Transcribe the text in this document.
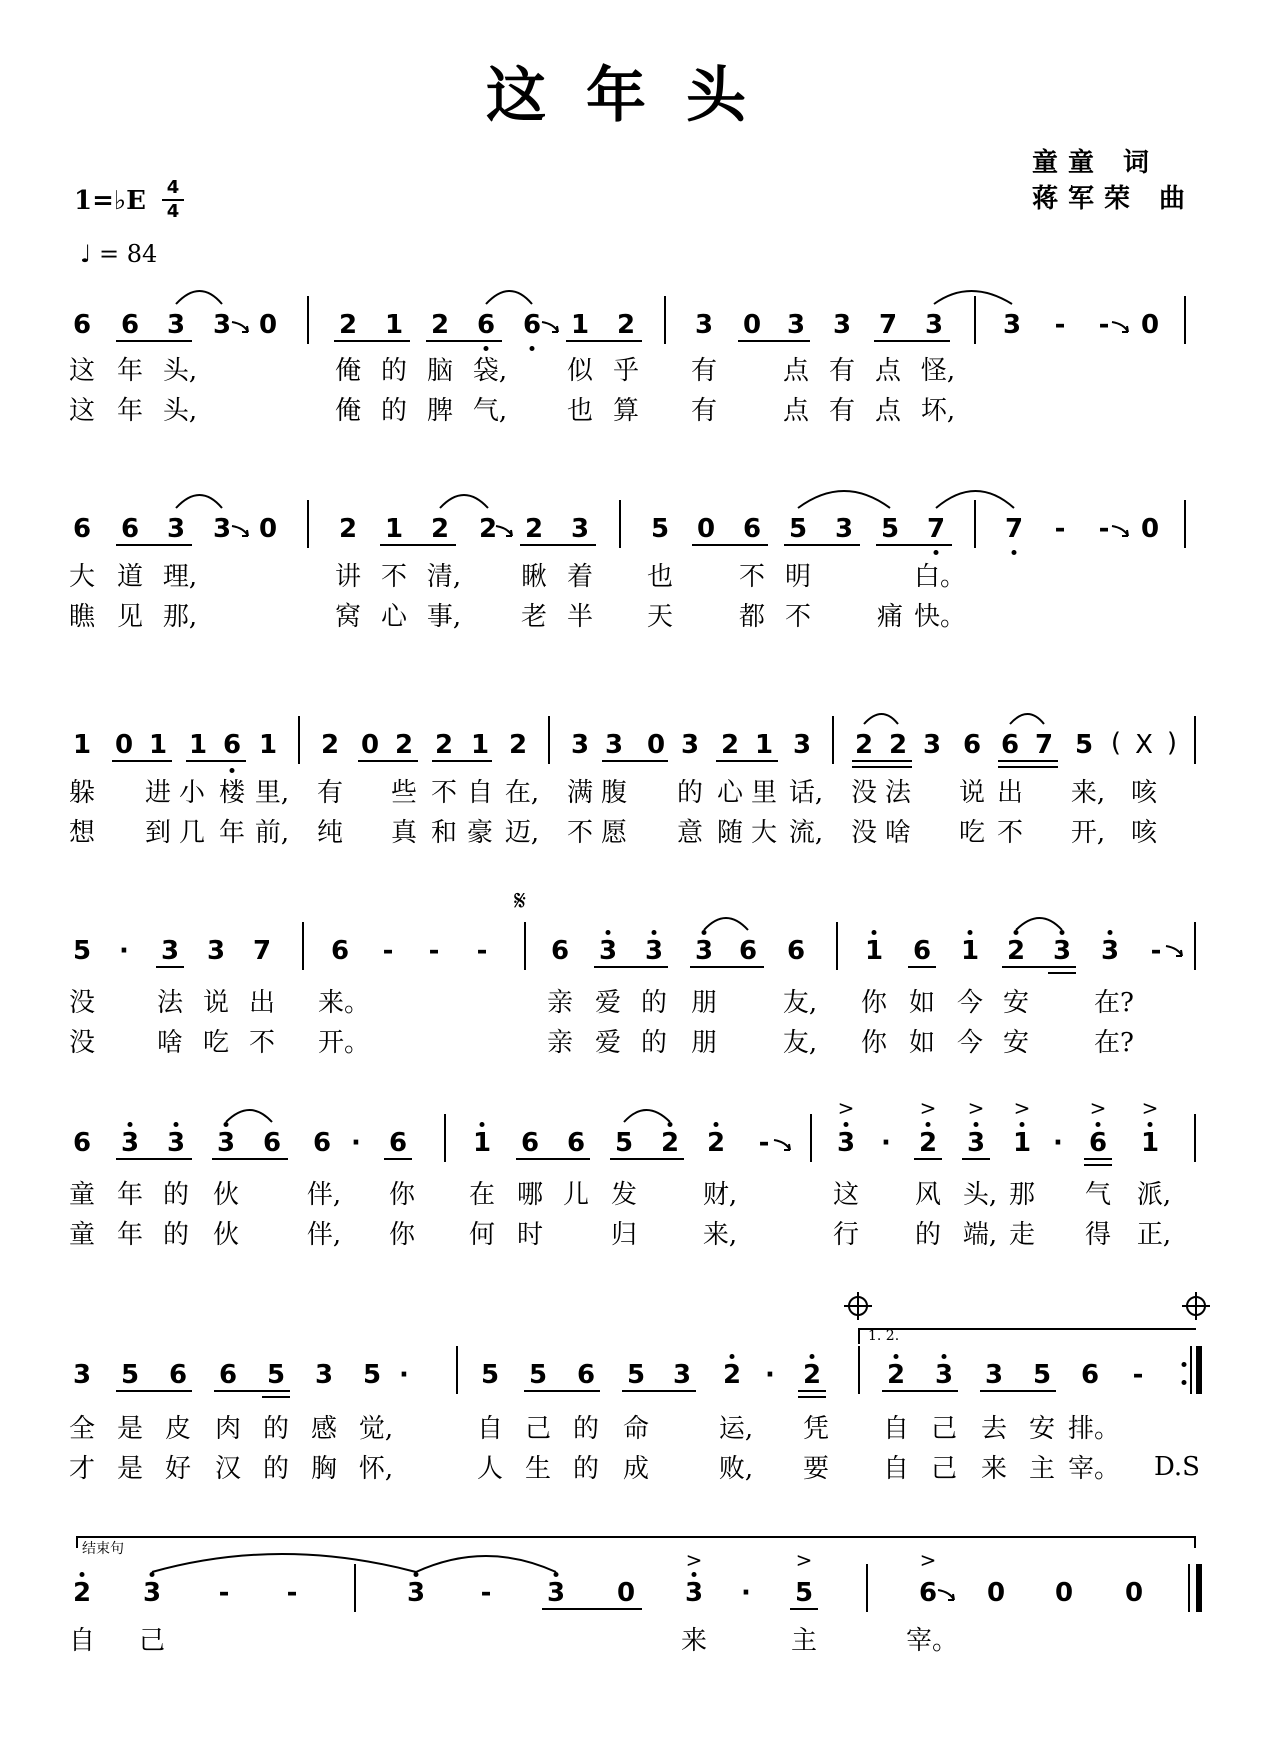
这年头
童童 词
蒋军荣 曲
1=♭E 4
4
♩ = 84
6 6 3 3 0 2 1 2 6 6 1 2 3 0 3 3 7 3 3 - - 0
这 年 头,	俺 的 脑 袋, 似 乎 有	点 有 点 怪,
这 年 头,	俺 的 脾 气, 也 算 有	点 有 点 坏,
6 6 3 3 0 2 1 2 2 2 3 5 0 6 5 3 5 7 7 - - 0
大 道 理,	讲 不 清, 瞅 着 也	不 明	白。
瞧 见 那,	窝 心 事, 老 半 天	都 不	痛 快。
1 0 1 1 6 1 2 0 2 2 1 2 3 3 0 3 2 1 3 2 2 3 6 6 7 5 ( X )
躲 进 小 楼 里, 有 些 不 自 在, 满 腹 的 心 里 话, 没 法 说 出 来, 咳
想 到 几 年 前, 纯 真 和 豪 迈, 不 愿 意 随 大 流, 没 啥 吃 不 开, 咳
𝄋
5 · 3 3 7 6 - - - 6 3 3 3 6 6 1 6 1 2 3 3 -
没 法 说 出 来。	亲 爱 的 朋	友, 你 如 今 安	在?
没 啥 吃 不 开。	亲 爱 的 朋	友, 你 如 今 安	在?
6 3 3 3 6 6 · 6	1 6 6 5 2 2 -	3 · 2 3 1 · 6 1
>	> > >	> >
童 年 的 伙	伴, 你 在 哪 儿 发	财,	这 风 头, 那 气 派,
童 年 的 伙	伴, 你 何 时	归	来,	行 的 端, 走 得 正,
1. 2.
3 5 6 6 5 3 5 ·	5 5 6 5 3 2 · 2	2 3 3 5 6 -
全 是 皮 肉 的 感 觉,	自 己 的 命	运, 凭 自 己 去 安 排。
才 是 好 汉 的 胸 怀,	人 生 的 成	败, 要 自 己 来 主 宰。 D.S
结束句
2 3 - -	3 - 3 0 3 · 5	6 0 0 0
>	>	>
自 己	来	主	宰。
